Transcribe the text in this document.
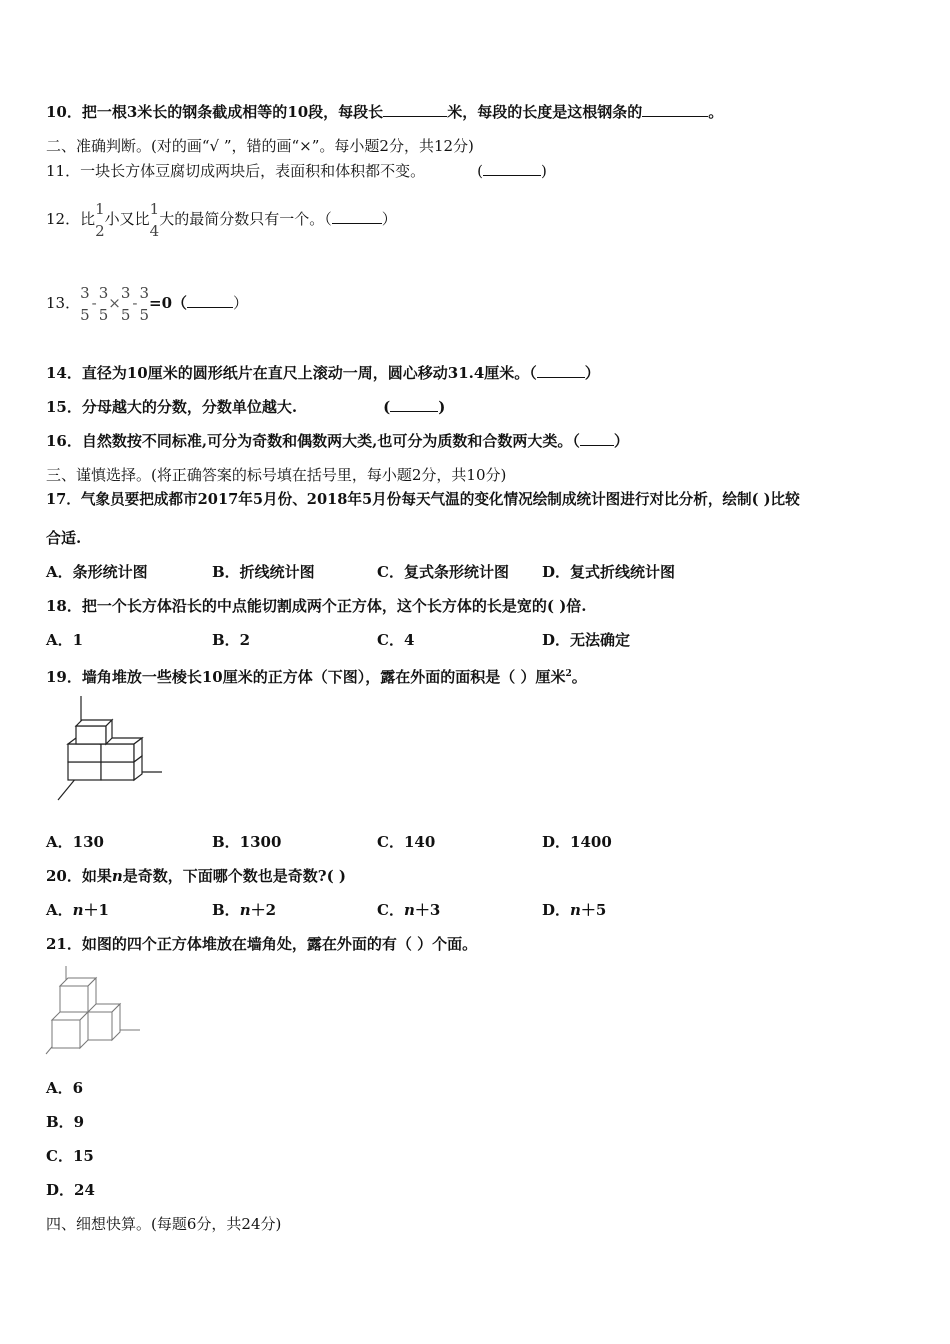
10．把一根3米长的钢条截成相等的10段，每段长	米，每段的长度是这根钢条的	。
二、准确判断。(对的画“√ ”，错的画“×”。每小题2分，共12分)
11．一块长方体豆腐切成两块后，表面积和体积都不变。	(	)
12．比
1
2
小又比
1
4
大的最简分数只有一个。（	）
13．
3
5
-
3
5
×
3
5
-
3
5
=0（	）
14．直径为10厘米的圆形纸片在直尺上滚动一周，圆心移动31.4厘米。（	）
15．分母越大的分数，分数单位越大.	(	)
16．自然数按不同标准,可分为奇数和偶数两大类,也可分为质数和合数两大类。（ ）
三、谨慎选择。(将正确答案的标号填在括号里，每小题2分，共10分)
17．气象员要把成都市2017年5月份、2018年5月份每天气温的变化情况绘制成统计图进行对比分析，绘制( )比较
合适.
A．条形统计图	B．折线统计图	C．复式条形统计图 D．复式折线统计图
18．把一个长方体沿长的中点能切割成两个正方体，这个长方体的长是宽的( )倍.
A．1	B．2	C．4	D．无法确定
19．墙角堆放一些棱长10厘米的正方体（下图），露在外面的面积是（ ）厘米$^2$。
A．130	B．1300	C．140	D．1400
20．如果n是奇数，下面哪个数也是奇数?( )
A．n＋1	B．n＋2	C．n＋3	D．n＋5
21．如图的四个正方体堆放在墙角处，露在外面的有（ ）个面。
A．6
B．9
C．15
D．24
四、细想快算。(每题6分，共24分)
